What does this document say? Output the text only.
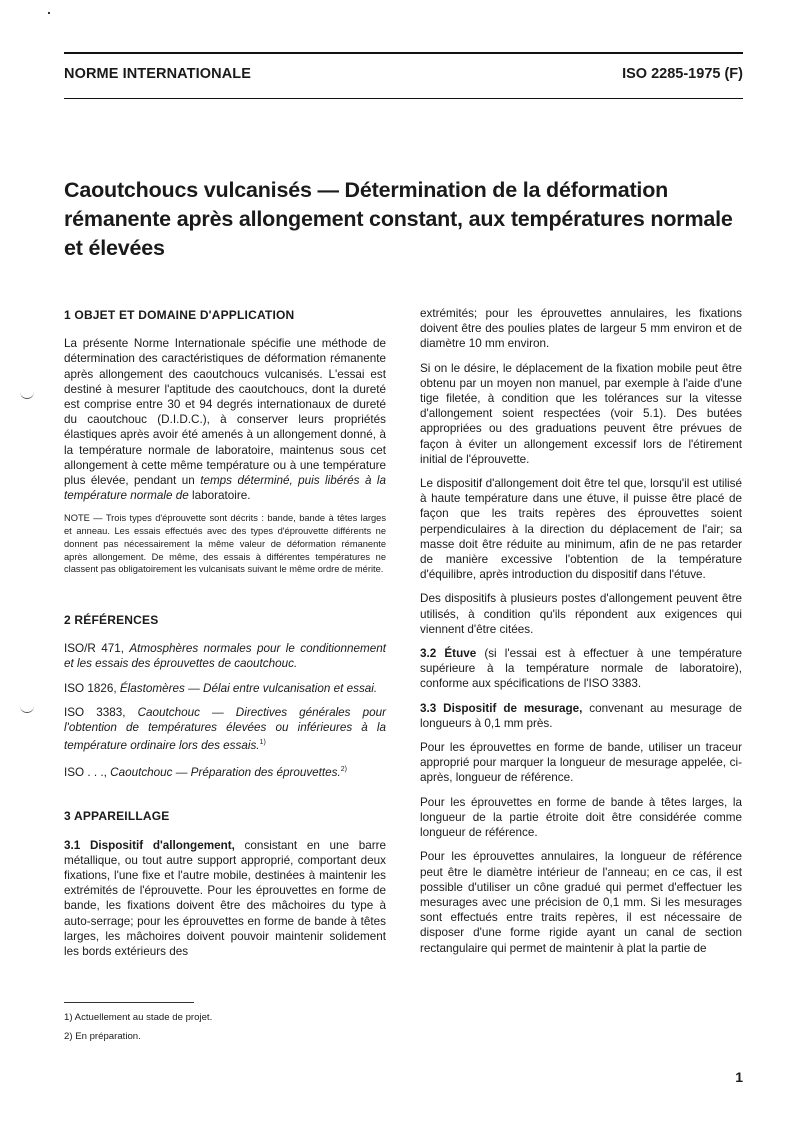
NORME INTERNATIONALE	ISO 2285-1975 (F)
Caoutchoucs vulcanisés — Détermination de la déformation rémanente après allongement constant, aux températures normale et élevées
1 OBJET ET DOMAINE D'APPLICATION

La présente Norme Internationale spécifie une méthode de détermination des caractéristiques de déformation rémanente après allongement des caoutchoucs vulcanisés. L'essai est destiné à mesurer l'aptitude des caoutchoucs, dont la dureté est comprise entre 30 et 94 degrés internationaux de dureté du caoutchouc (D.I.D.C.), à conserver leurs propriétés élastiques après avoir été amenés à un allongement donné, à la température normale de laboratoire, maintenus sous cet allongement à cette même température ou à une température plus élevée, pendant un temps déterminé, puis libérés à la température normale de laboratoire.

NOTE — Trois types d'éprouvette sont décrits : bande, bande à têtes larges et anneau. Les essais effectués avec des types d'éprouvette différents ne donnent pas nécessairement la même valeur de déformation rémanente après allongement. De même, des essais à différentes températures ne classent pas obligatoirement les vulcanisats suivant le même ordre de mérite.

2 RÉFÉRENCES

ISO/R 471, Atmosphères normales pour le conditionnement et les essais des éprouvettes de caoutchouc.

ISO 1826, Élastomères — Délai entre vulcanisation et essai.

ISO 3383, Caoutchouc — Directives générales pour l'obtention de températures élevées ou inférieures à la température ordinaire lors des essais.$^{1)}$

ISO . . ., Caoutchouc — Préparation des éprouvettes.$^{2)}$

3 APPAREILLAGE

3.1 Dispositif d'allongement, consistant en une barre métallique, ou tout autre support approprié, comportant deux fixations, l'une fixe et l'autre mobile, destinées à maintenir les extrémités de l'éprouvette. Pour les éprouvettes en forme de bande, les fixations doivent être des mâchoires du type à auto-serrage; pour les éprouvettes en forme de bande à têtes larges, les mâchoires doivent pouvoir maintenir solidement les bords extérieurs des

extrémités; pour les éprouvettes annulaires, les fixations doivent être des poulies plates de largeur 5 mm environ et de diamètre 10 mm environ.

Si on le désire, le déplacement de la fixation mobile peut être obtenu par un moyen non manuel, par exemple à l'aide d'une tige filetée, à condition que les tolérances sur la vitesse d'allongement soient respectées (voir 5.1). Des butées appropriées ou des graduations peuvent être prévues de façon à éviter un allongement excessif lors de l'étirement initial de l'éprouvette.

Le dispositif d'allongement doit être tel que, lorsqu'il est utilisé à haute température dans une étuve, il puisse être placé de façon que les traits repères des éprouvettes soient perpendiculaires à la direction du déplacement de l'air; sa masse doit être réduite au minimum, afin de ne pas retarder de manière excessive l'obtention de la température d'équilibre, après introduction du dispositif dans l'étuve.

Des dispositifs à plusieurs postes d'allongement peuvent être utilisés, à condition qu'ils répondent aux exigences qui viennent d'être citées.

3.2 Étuve (si l'essai est à effectuer à une température supérieure à la température normale de laboratoire), conforme aux spécifications de l'ISO 3383.

3.3 Dispositif de mesurage, convenant au mesurage de longueurs à 0,1 mm près.

Pour les éprouvettes en forme de bande, utiliser un traceur approprié pour marquer la longueur de mesurage appelée, ci-après, longueur de référence.

Pour les éprouvettes en forme de bande à têtes larges, la longueur de la partie étroite doit être considérée comme longueur de référence.

Pour les éprouvettes annulaires, la longueur de référence peut être le diamètre intérieur de l'anneau; en ce cas, il est possible d'utiliser un cône gradué qui permet d'effectuer les mesurages avec une précision de 0,1 mm. Si les mesurages sont effectués entre traits repères, il est nécessaire de disposer d'une forme rigide ayant un canal de section rectangulaire qui permet de maintenir à plat la partie de

1) Actuellement au stade de projet.
2) En préparation.
1
